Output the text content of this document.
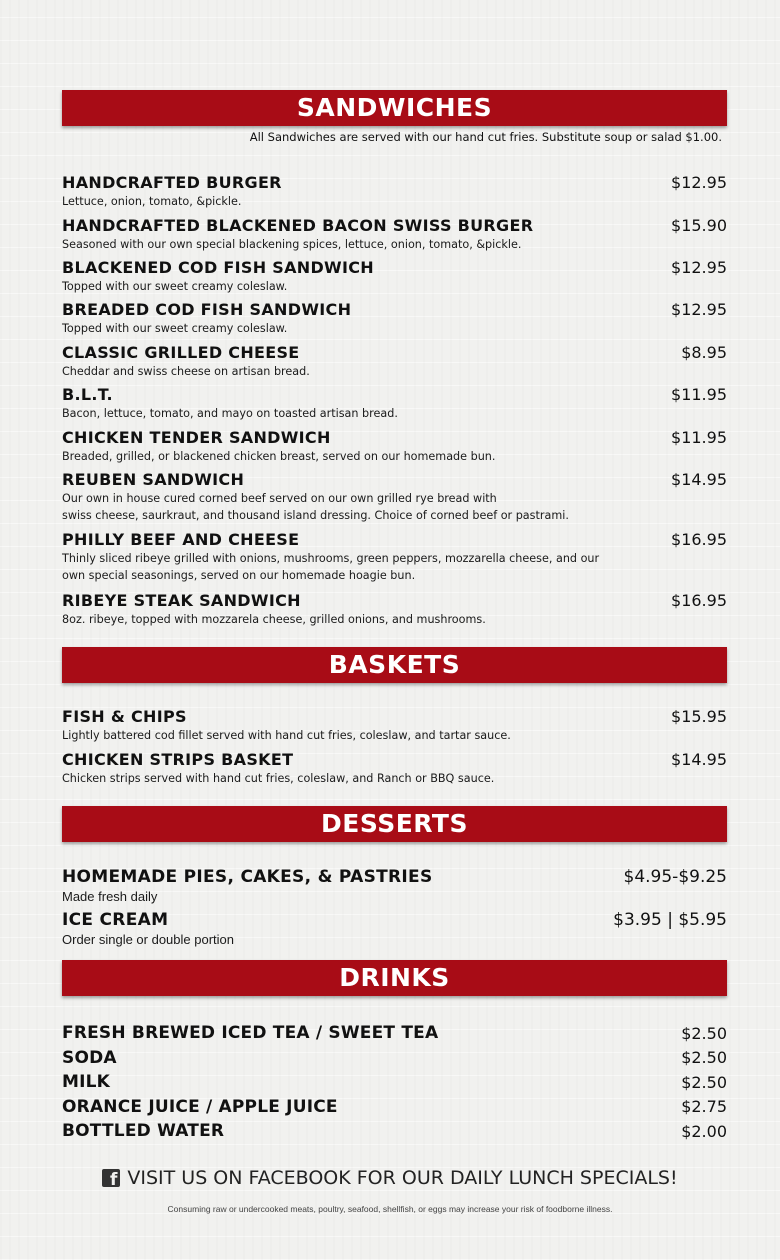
SANDWICHES
All Sandwiches are served with our hand cut fries. Substitute soup or salad $1.00.
HANDCRAFTED BURGER	$12.95
Lettuce, onion, tomato, &pickle.
HANDCRAFTED BLACKENED BACON SWISS BURGER	$15.90
Seasoned with our own special blackening spices, lettuce, onion, tomato, &pickle.
BLACKENED COD FISH SANDWICH	$12.95
Topped with our sweet creamy coleslaw.
BREADED COD FISH SANDWICH	$12.95
Topped with our sweet creamy coleslaw.
CLASSIC GRILLED CHEESE	$8.95
Cheddar and swiss cheese on artisan bread.
B.L.T.	$11.95
Bacon, lettuce, tomato, and mayo on toasted artisan bread.
CHICKEN TENDER SANDWICH	$11.95
Breaded, grilled, or blackened chicken breast, served on our homemade bun.
REUBEN SANDWICH	$14.95
Our own in house cured corned beef served on our own grilled rye bread with
swiss cheese, saurkraut, and thousand island dressing. Choice of corned beef or pastrami.
PHILLY BEEF AND CHEESE	$16.95
Thinly sliced ribeye grilled with onions, mushrooms, green peppers, mozzarella cheese, and our
own special seasonings, served on our homemade hoagie bun.
RIBEYE STEAK SANDWICH	$16.95
8oz. ribeye, topped with mozzarela cheese, grilled onions, and mushrooms.
BASKETS
FISH & CHIPS	$15.95
Lightly battered cod fillet served with hand cut fries, coleslaw, and tartar sauce.
CHICKEN STRIPS BASKET	$14.95
Chicken strips served with hand cut fries, coleslaw, and Ranch or BBQ sauce.
DESSERTS
HOMEMADE PIES, CAKES, & PASTRIES	$4.95-$9.25
Made fresh daily
ICE CREAM	$3.95 | $5.95
Order single or double portion
DRINKS
FRESH BREWED ICED TEA / SWEET TEA	$2.50
SODA	$2.50
MILK	$2.50
ORANCE JUICE / APPLE JUICE	$2.75
BOTTLED WATER	$2.00
f VISIT US ON FACEBOOK FOR OUR DAILY LUNCH SPECIALS!
Consuming raw or undercooked meats, poultry, seafood, shellfish, or eggs may increase your risk of foodborne illness.
